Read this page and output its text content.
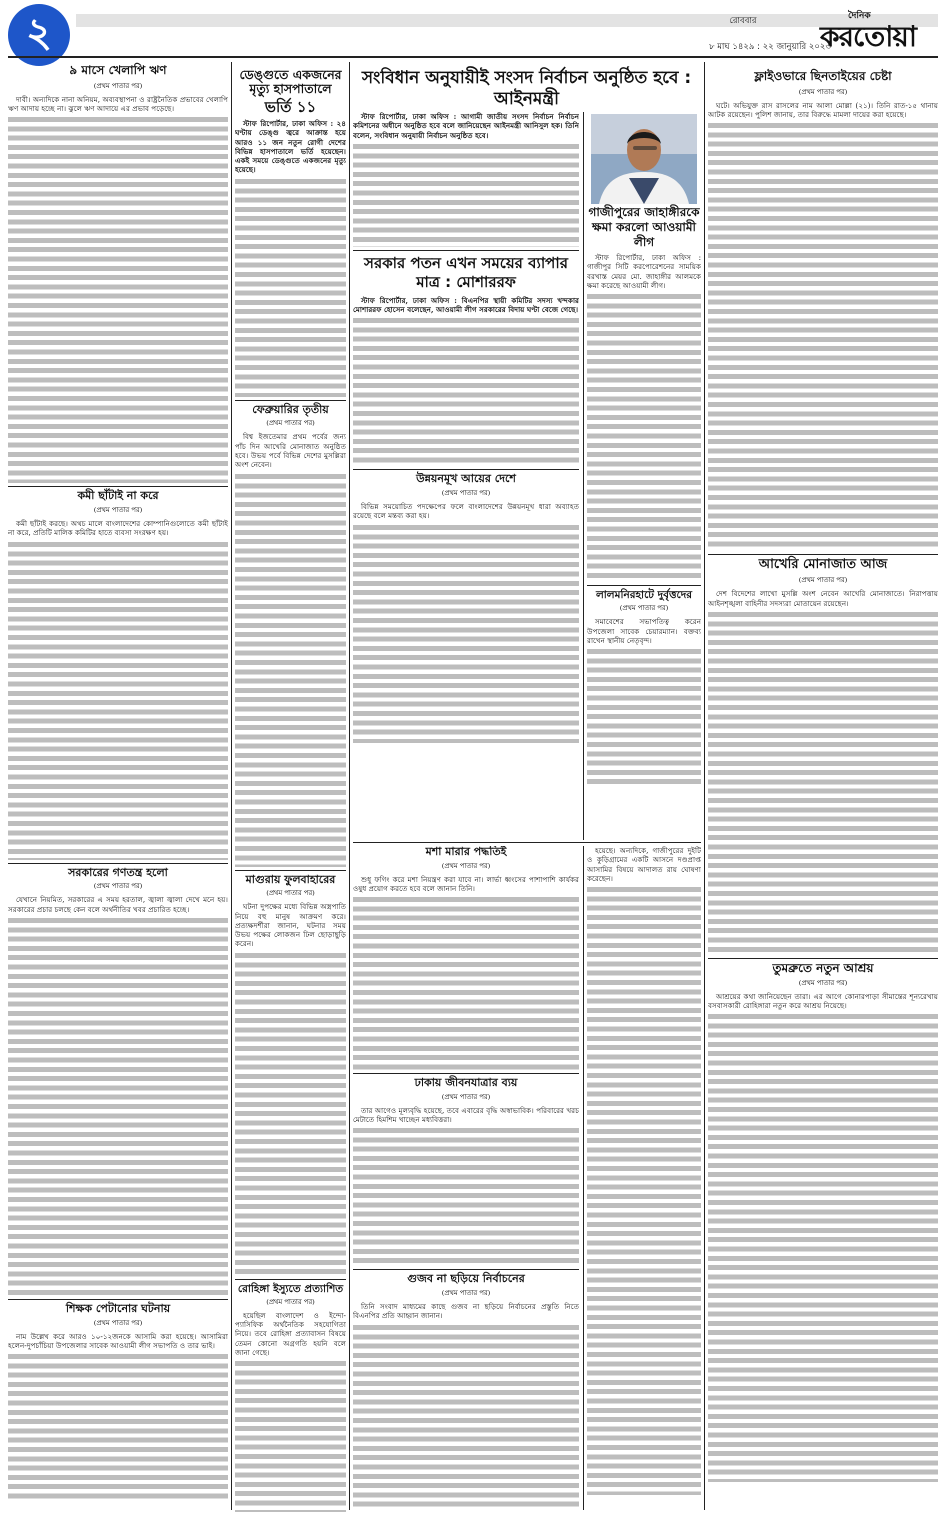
২	রোববার	দৈনিক
করতোয়া
৮ মাঘ ১৪২৯ : ২২ জানুয়ারি ২০২৩
৯ মাসে খেলাপি ঋণ
(প্রথম পাতার পর)

দাবী। অন্যদিকে নানা অনিয়ম, অব্যবস্থাপনা ও রাষ্ট্রনৈতিক প্রভাবের খেলাপি ঋণ আদায় হচ্ছে না। ঝুলে ঋণ আদায়ে এর প্রভাব পড়েছে।

কমী ছাঁটাই না করে
(প্রথম পাতার পর)

কমী ছাঁটাই করছে। অথচ মালে বাংলাদেশের কোম্পানিগুলোতে কমী ছাঁটাই না করে, প্রতিটি মালিক কমিটির হাতে ব্যবসা সংরক্ষণ হয়।

সরকারের গণতন্ত্র হলো
(প্রথম পাতার পর)

যেখানে নিয়মিত, সরকারের এ সময় হরতাল, জ্বালা জ্বালা দেখে মনে হয়। সরকারের প্রচার চলছে কেন বলে অর্থনীতির খবর প্রচারিত হচ্ছে।

শিক্ষক পেটানোর ঘটনায়
(প্রথম পাতার পর)

নাম উল্লেখ করে আরও ১০-১২জনকে আসামি করা হয়েছে। আসামিরা হলেন-দুপচাঁচিয়া উপজেলার সাবেক আওয়ামী লীগ সভাপতি ও তার ভাই।

ডেঙ্গুতে একজনের মৃত্যু হাসপাতালে
ভর্তি ১১

স্টাফ রিপোর্টার, ঢাকা অফিস : ২৪ ঘণ্টায় ডেঙ্গু জ্বরে আক্রান্ত হয়ে আরও ১১ জন নতুন রোগী দেশের বিভিন্ন হাসপাতালে ভর্তি হয়েছেন। একই সময়ে ডেঙ্গুতে একজনের মৃত্যু হয়েছে।

ফেব্রুয়ারির তৃতীয়
(প্রথম পাতার পর)

বিশ্ব ইজতেমার প্রথম পর্বের জন্য পাঁচ দিন আখেরি মোনাজাত অনুষ্ঠিত হবে। উভয় পর্বে বিভিন্ন দেশের মুসল্লিরা অংশ নেবেন।

মাগুরায় ফুলবাহারের
(প্রথম পাতার পর)

ঘটনা দুপক্ষের মধ্যে বিভিন্ন অস্ত্রপাতি নিয়ে বহু মানুষ আক্রমণ করে। প্রত্যক্ষদর্শীরা জানান, ঘটনার সময় উভয় পক্ষের লোকজন ঢিল ছোড়াছুড়ি করেন।

রোহিঙ্গা ইস্যুতে প্রত্যাশিত
(প্রথম পাতার পর)

হয়েছিল বাংলাদেশ ও ইন্দো-প্যাসিফিক অর্থনৈতিক সহযোগিতা নিয়ে। তবে রোহিঙ্গা প্রত্যাবাসন বিষয়ে তেমন কোনো অগ্রগতি হয়নি বলে জানা গেছে।

সংবিধান অনুযায়ীই সংসদ নির্বাচন অনুষ্ঠিত হবে : আইনমন্ত্রী

স্টাফ রিপোর্টার, ঢাকা অফিস : আগামী জাতীয় সংসদ নির্বাচন নির্বাচন কমিশনের অধীনে অনুষ্ঠিত হবে বলে জানিয়েছেন আইনমন্ত্রী আনিসুল হক। তিনি বলেন, সংবিধান অনুযায়ী নির্বাচন অনুষ্ঠিত হবে।

সরকার পতন এখন সময়ের ব্যাপার মাত্র : মোশাররফ

স্টাফ রিপোর্টার, ঢাকা অফিস : বিএনপির স্থায়ী কমিটির সদস্য খন্দকার মোশাররফ হোসেন বলেছেন, আওয়ামী লীগ সরকারের বিদায় ঘণ্টা বেজে গেছে।

উন্নয়নমূখ আয়ের দেশে
(প্রথম পাতার পর)

বিভিন্ন সময়োচিত পদক্ষেপের ফলে বাংলাদেশের উন্নয়নমূখ ধারা অব্যাহত রয়েছে বলে মন্তব্য করা হয়।

গাজীপুরের জাহাঙ্গীরকে ক্ষমা করলো আওয়ামী লীগ

স্টাফ রিপোর্টার, ঢাকা অফিস : গাজীপুর সিটি করপোরেশনের সাময়িক বরখাস্ত মেয়র মো. জাহাঙ্গীর আলমকে ক্ষমা করেছে আওয়ামী লীগ।

লালমনিরহাটে দুর্বৃত্তদের
(প্রথম পাতার পর)

সমাবেশের সভাপতিত্ব করেন উপজেলা সাবেক চেয়ারম্যান। বক্তব্য রাখেন স্থানীয় নেতৃবৃন্দ।

মশা মারার পদ্ধতিই
(প্রথম পাতার পর)

শুধু ফগিং করে মশা নিয়ন্ত্রণ করা যাবে না। লার্ভা ধ্বংসের পাশাপাশি কার্যকর ওষুধ প্রয়োগ করতে হবে বলে জানান তিনি।

ঢাকায় জীবনযাত্রার ব্যয়
(প্রথম পাতার পর)

তার আগেও মূল্যবৃদ্ধি হয়েছে, তবে এবারের বৃদ্ধি অস্বাভাবিক। পরিবারের খরচ মেটাতে হিমশিম খাচ্ছেন মধ্যবিত্তরা।

গুজব না ছড়িয়ে নির্বাচনের
(প্রথম পাতার পর)

তিনি সংবাদ মাধ্যমের কাছে গুজব না ছড়িয়ে নির্বাচনের প্রস্তুতি নিতে বিএনপির প্রতি আহ্বান জানান।

হয়েছে। অন্যদিকে, গাজীপুরের দুইটি ও কুড়িগ্রামের একটি আসনে দণ্ডপ্রাপ্ত আসামির বিষয়ে আদালত রায় ঘোষণা করেছেন।

ফ্লাইওভারে ছিনতাইয়ের চেষ্টা
(প্রথম পাতার পর)

ঘটে। অভিযুক্ত রাস রাসলের নাম আলা মোল্লা (২১)। তিনি রাত-১৫ থানায় আটক রয়েছেন। পুলিশ জানায়, তার বিরুদ্ধে মামলা দায়ের করা হয়েছে।

আখেরি মোনাজাত আজ
(প্রথম পাতার পর)

দেশ বিদেশের লাখো মুসল্লি অংশ নেবেন আখেরি মোনাজাতে। নিরাপত্তায় আইনশৃঙ্খলা বাহিনীর সদস্যরা মোতায়েন রয়েছেন।

তুমব্রুতে নতুন আশ্রয়
(প্রথম পাতার পর)

আশ্রয়ের কথা জানিয়েছেন তারা। এর আগে কোনারপাড়া সীমান্তের শূন্যরেখায় বসবাসকারী রোহিঙ্গারা নতুন করে আশ্রয় নিয়েছে।
